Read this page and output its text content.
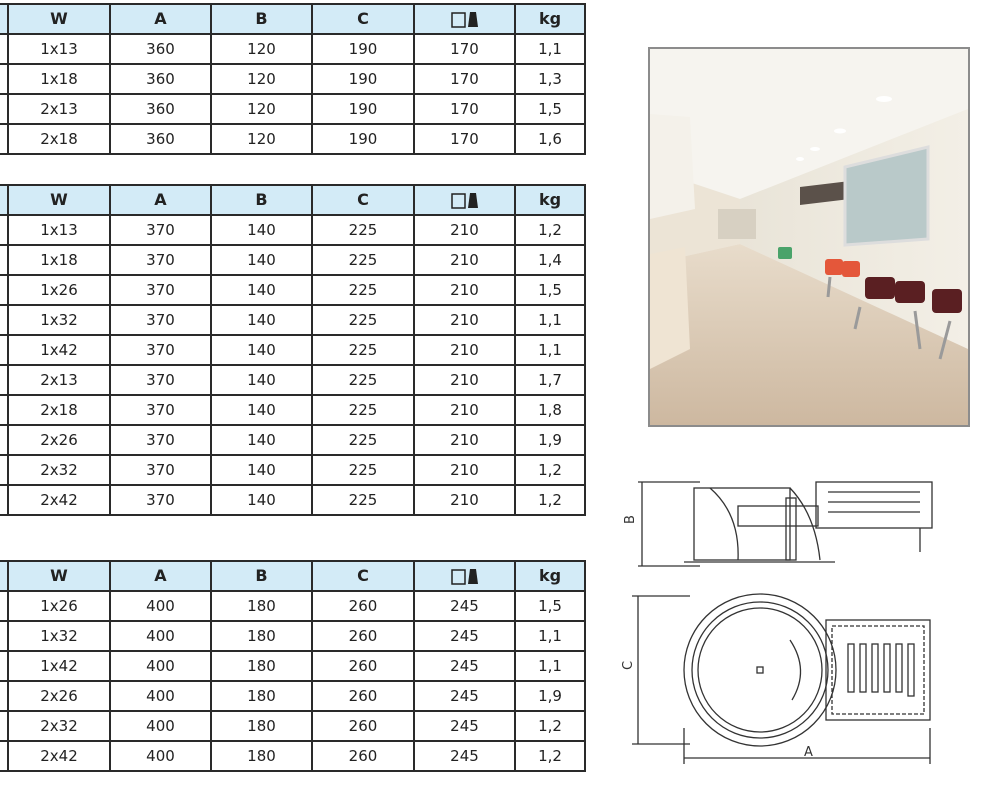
	W	A	B	C		kg
	1x13	360	120	190	170	1,1
	1x18	360	120	190	170	1,3
	2x13	360	120	190	170	1,5
	2x18	360	120	190	170	1,6
	W	A	B	C		kg
	1x13	370	140	225	210	1,2
	1x18	370	140	225	210	1,4
	1x26	370	140	225	210	1,5
	1x32	370	140	225	210	1,1
	1x42	370	140	225	210	1,1
	2x13	370	140	225	210	1,7
	2x18	370	140	225	210	1,8
	2x26	370	140	225	210	1,9
	2x32	370	140	225	210	1,2
	2x42	370	140	225	210	1,2
	W	A	B	C		kg
	1x26	400	180	260	245	1,5
	1x32	400	180	260	245	1,1
	1x42	400	180	260	245	1,1
	2x26	400	180	260	245	1,9
	2x32	400	180	260	245	1,2
	2x42	400	180	260	245	1,2
B
C
A
